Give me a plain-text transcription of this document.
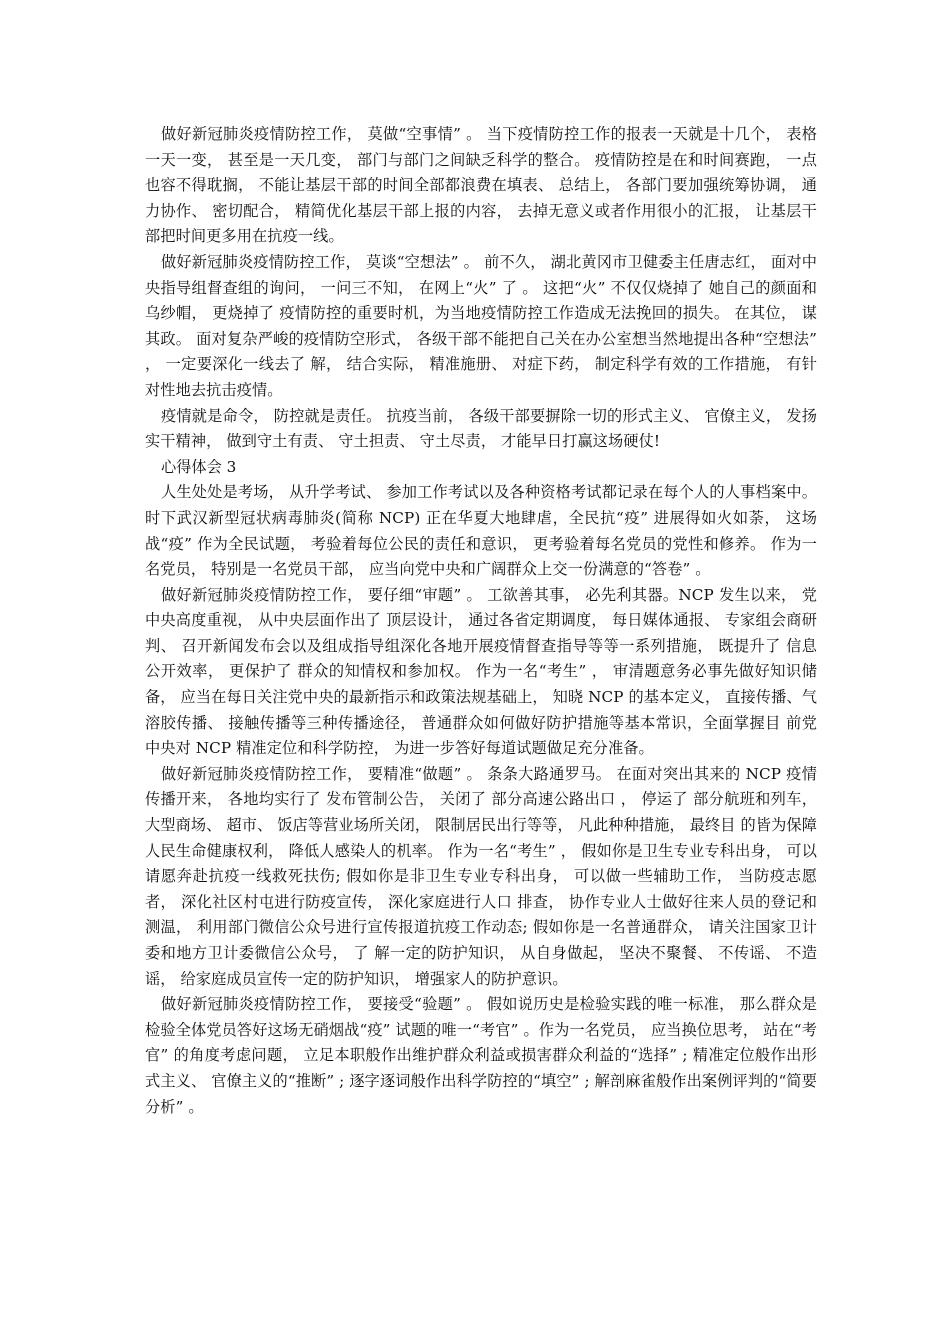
做好新冠肺炎疫情防控工作， 莫做“空事情” 。 当下疫情防控工作的报表一天就是十几个， 表格一天一变， 甚至是一天几变， 部门与部门之间缺乏科学的整合。 疫情防控是在和时间赛跑， 一点也容不得耽搁， 不能让基层干部的时间全部都浪费在填表、 总结上， 各部门要加强统筹协调， 通力协作、 密切配合， 精简优化基层干部上报的内容， 去掉无意义或者作用很小的汇报， 让基层干部把时间更多用在抗疫一线。

做好新冠肺炎疫情防控工作， 莫谈“空想法” 。 前不久， 湖北黄冈市卫健委主任唐志红， 面对中央指导组督查组的询问， 一问三不知， 在网上“火” 了 。 这把“火” 不仅仅烧掉了 她自己的颜面和乌纱帽， 更烧掉了 疫情防控的重要时机，为当地疫情防控工作造成无法挽回的损失。 在其位， 谋其政。 面对复杂严峻的疫情防空形式， 各级干部不能把自己关在办公室想当然地提出各种“空想法” ， 一定要深化一线去了 解， 结合实际， 精准施册、 对症下药， 制定科学有效的工作措施， 有针对性地去抗击疫情。

疫情就是命令， 防控就是责任。 抗疫当前， 各级干部要摒除一切的形式主义、 官僚主义， 发扬实干精神， 做到守土有责、 守土担责、 守土尽责， 才能早日打赢这场硬仗!

心得体会 3

人生处处是考场， 从升学考试、 参加工作考试以及各种资格考试都记录在每个人的人事档案中。 时下武汉新型冠状病毒肺炎(简称 NCP) 正在华夏大地肆虐，全民抗“疫” 进展得如火如荼， 这场战“疫” 作为全民试题， 考验着每位公民的责任和意识， 更考验着每名党员的党性和修养。 作为一名党员， 特别是一名党员干部， 应当向党中央和广阔群众上交一份满意的“答卷” 。

做好新冠肺炎疫情防控工作， 要仔细“审题” 。 工欲善其事， 必先利其器。NCP 发生以来， 党中央高度重视， 从中央层面作出了 顶层设计， 通过各省定期调度， 每日媒体通报、 专家组会商研判、 召开新闻发布会以及组成指导组深化各地开展疫情督查指导等等一系列措施， 既提升了 信息公开效率， 更保护了 群众的知情权和参加权。 作为一名“考生” ， 审清题意务必事先做好知识储备， 应当在每日关注党中央的最新指示和政策法规基础上， 知晓 NCP 的基本定义， 直接传播、气溶胶传播、 接触传播等三种传播途径， 普通群众如何做好防护措施等基本常识，全面掌握目 前党中央对 NCP 精准定位和科学防控， 为进一步答好每道试题做足充分准备。

做好新冠肺炎疫情防控工作， 要精准“做题” 。 条条大路通罗马。 在面对突出其来的 NCP 疫情传播开来， 各地均实行了 发布管制公告， 关闭了 部分高速公路出口 ， 停运了 部分航班和列车， 大型商场、 超市、 饭店等营业场所关闭， 限制居民出行等等， 凡此种种措施， 最终目 的皆为保障人民生命健康权利， 降低人感染人的机率。 作为一名“考生” ， 假如你是卫生专业专科出身， 可以请愿奔赴抗疫一线救死扶伤; 假如你是非卫生专业专科出身， 可以做一些辅助工作， 当防疫志愿者， 深化社区村屯进行防疫宣传， 深化家庭进行人口 排查， 协作专业人士做好往来人员的登记和测温， 利用部门微信公众号进行宣传报道抗疫工作动态; 假如你是一名普通群众， 请关注国家卫计委和地方卫计委微信公众号， 了 解一定的防护知识， 从自身做起， 坚决不聚餐、 不传谣、 不造谣， 给家庭成员宣传一定的防护知识， 增强家人的防护意识。

做好新冠肺炎疫情防控工作， 要接受“验题” 。 假如说历史是检验实践的唯一标准， 那么群众是检验全体党员答好这场无硝烟战“疫” 试题的唯一“考官” 。作为一名党员， 应当换位思考， 站在“考官” 的角度考虑问题， 立足本职般作出维护群众利益或损害群众利益的“选择” ; 精准定位般作出形式主义、 官僚主义的“推断” ; 逐字逐词般作出科学防控的“填空” ; 解剖麻雀般作出案例评判的“简要分析” 。
